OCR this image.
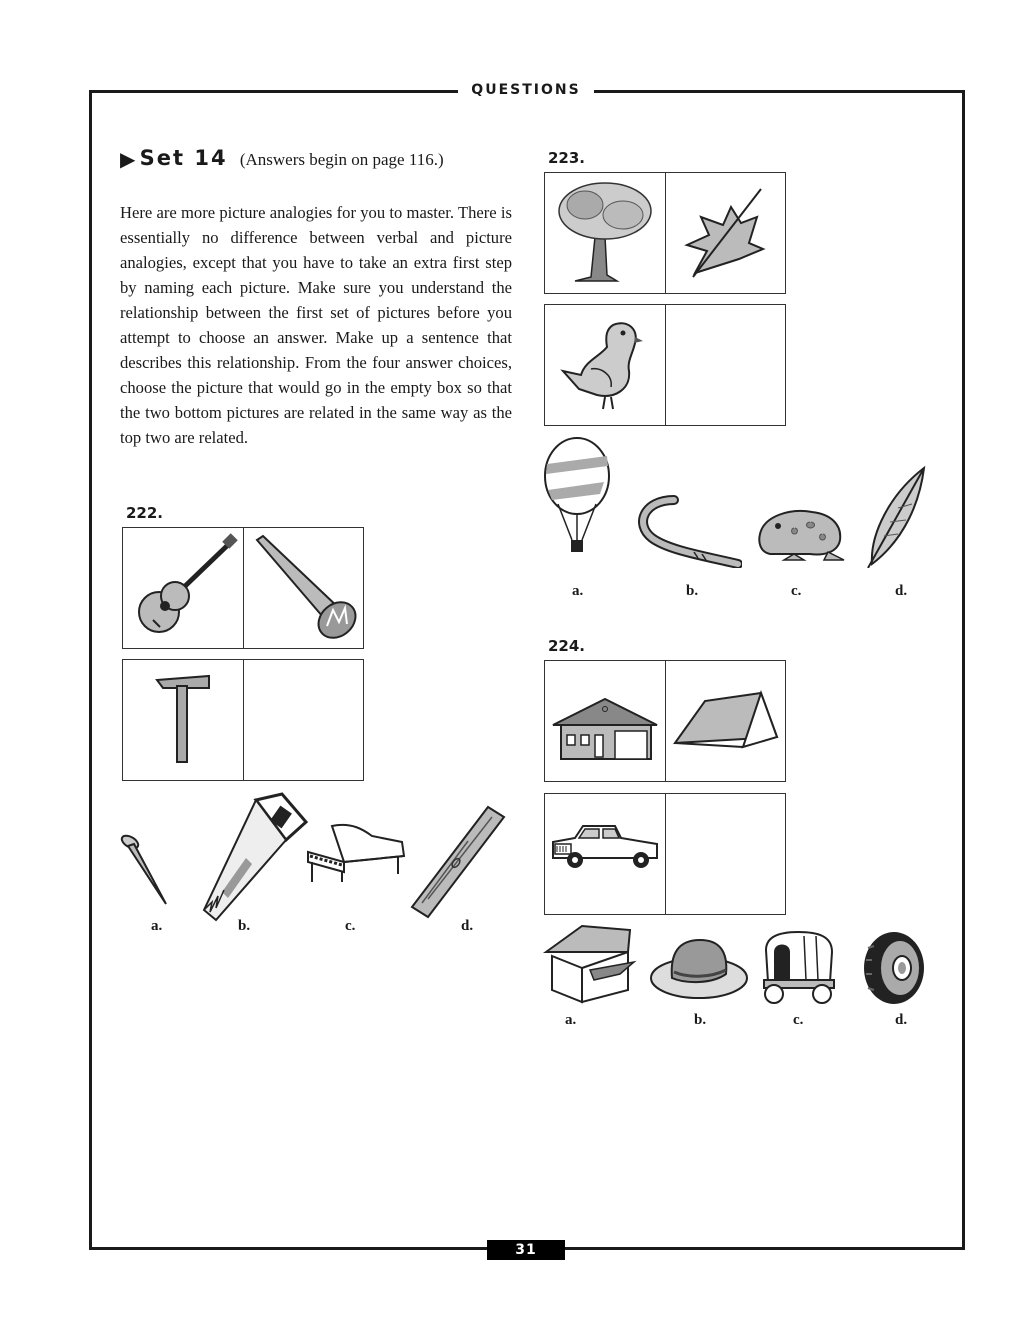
QUESTIONS
31
▶ Set 14 (Answers begin on page 116.)

Here are more picture analogies for you to master. There is essentially no difference between verbal and picture analogies, except that you have to take an extra first step by naming each picture. Make sure you understand the relationship between the first set of pictures before you attempt to choose an answer. Make up a sentence that describes this relationship. From the four answer choices, choose the picture that would go in the empty box so that the two bottom pictures are related in the same way as the top two are related.

222.
a.	b.	c.	d.
223.
a.	b.	c.	d.
224.
a.	b.	c.	d.
